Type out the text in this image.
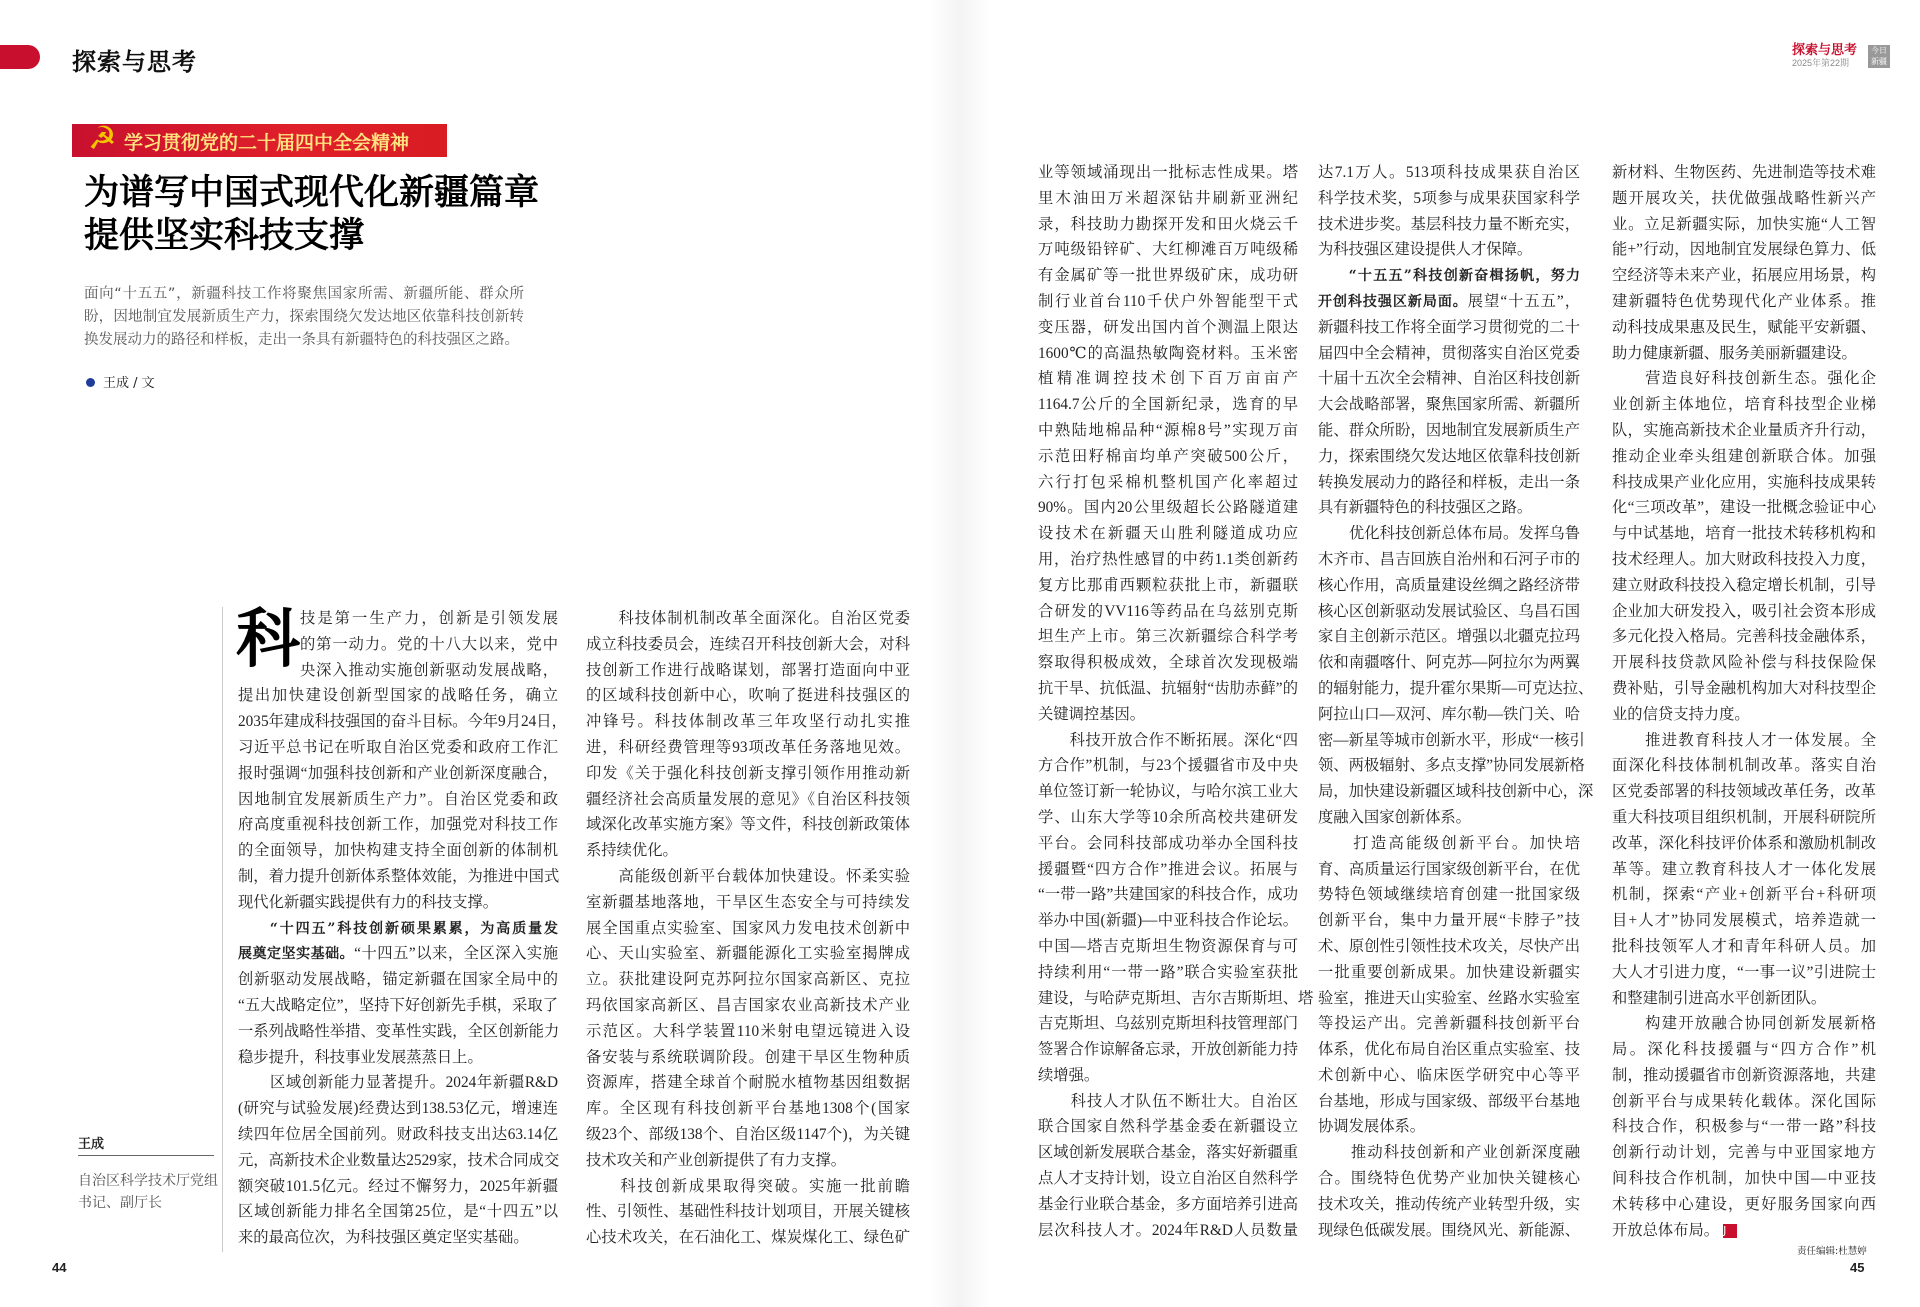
探索与思考	探索与思考
2025年第22期
今日新疆
☭ 学习贯彻党的二十届四中全会精神
为谱写中国式现代化新疆篇章
提供坚实科技支撑
面向“十五五”，新疆科技工作将聚焦国家所需、新疆所能、群众所盼，因地制宜发展新质生产力，探索围绕欠发达地区依靠科技创新转换发展动力的路径和样板，走出一条具有新疆特色的科技强区之路。
王成 / 文
科 技是第一生产力，创新是引领发展
的第一动力。党的十八大以来，党中
央深入推动实施创新驱动发展战略，
提出加快建设创新型国家的战略任务，确立
2035年建成科技强国的奋斗目标。今年9月24日，
习近平总书记在听取自治区党委和政府工作汇
报时强调“加强科技创新和产业创新深度融合，
因地制宜发展新质生产力”。自治区党委和政
府高度重视科技创新工作，加强党对科技工作
的全面领导，加快构建支持全面创新的体制机
制，着力提升创新体系整体效能，为推进中国式
现代化新疆实践提供有力的科技支撑。
　　“十四五”科技创新硕果累累，为高质量发
展奠定坚实基础。“十四五”以来，全区深入实施
创新驱动发展战略，锚定新疆在国家全局中的
“五大战略定位”，坚持下好创新先手棋，采取了
一系列战略性举措、变革性实践，全区创新能力
稳步提升，科技事业发展蒸蒸日上。
　　区域创新能力显著提升。2024年新疆R&D
(研究与试验发展)经费达到138.53亿元，增速连
续四年位居全国前列。财政科技支出达63.14亿
元，高新技术企业数量达2529家，技术合同成交
额突破101.5亿元。经过不懈努力，2025年新疆
区域创新能力排名全国第25位，是“十四五”以
来的最高位次，为科技强区奠定坚实基础。
　　科技体制机制改革全面深化。自治区党委
成立科技委员会，连续召开科技创新大会，对科
技创新工作进行战略谋划，部署打造面向中亚
的区域科技创新中心，吹响了挺进科技强区的
冲锋号。科技体制改革三年攻坚行动扎实推
进，科研经费管理等93项改革任务落地见效。
印发《关于强化科技创新支撑引领作用推动新
疆经济社会高质量发展的意见》《自治区科技领
域深化改革实施方案》等文件，科技创新政策体
系持续优化。
　　高能级创新平台载体加快建设。怀柔实验
室新疆基地落地，干旱区生态安全与可持续发
展全国重点实验室、国家风力发电技术创新中
心、天山实验室、新疆能源化工实验室揭牌成
立。获批建设阿克苏阿拉尔国家高新区、克拉
玛依国家高新区、昌吉国家农业高新技术产业
示范区。大科学装置110米射电望远镜进入设
备安装与系统联调阶段。创建干旱区生物种质
资源库，搭建全球首个耐脱水植物基因组数据
库。全区现有科技创新平台基地1308个(国家
级23个、部级138个、自治区级1147个)，为关键
技术攻关和产业创新提供了有力支撑。
　　科技创新成果取得突破。实施一批前瞻
性、引领性、基础性科技计划项目，开展关键核
心技术攻关，在石油化工、煤炭煤化工、绿色矿
业等领域涌现出一批标志性成果。塔
里木油田万米超深钻井刷新亚洲纪
录，科技助力勘探开发和田火烧云千
万吨级铅锌矿、大红柳滩百万吨级稀
有金属矿等一批世界级矿床，成功研
制行业首台110千伏户外智能型干式
变压器，研发出国内首个测温上限达
1600℃的高温热敏陶瓷材料。玉米密
植精准调控技术创下百万亩亩产
1164.7公斤的全国新纪录，选育的早
中熟陆地棉品种“源棉8号”实现万亩
示范田籽棉亩均单产突破500公斤，
六行打包采棉机整机国产化率超过
90%。国内20公里级超长公路隧道建
设技术在新疆天山胜利隧道成功应
用，治疗热性感冒的中药1.1类创新药
复方比那甫西颗粒获批上市，新疆联
合研发的VV116等药品在乌兹别克斯
坦生产上市。第三次新疆综合科学考
察取得积极成效，全球首次发现极端
抗干旱、抗低温、抗辐射“齿肋赤藓”的
关键调控基因。
　　科技开放合作不断拓展。深化“四
方合作”机制，与23个援疆省市及中央
单位签订新一轮协议，与哈尔滨工业大
学、山东大学等10余所高校共建研发
平台。会同科技部成功举办全国科技
援疆暨“四方合作”推进会议。拓展与
“一带一路”共建国家的科技合作，成功
举办中国(新疆)—中亚科技合作论坛。
中国—塔吉克斯坦生物资源保育与可
持续利用“一带一路”联合实验室获批
建设，与哈萨克斯坦、吉尔吉斯斯坦、塔
吉克斯坦、乌兹别克斯坦科技管理部门
签署合作谅解备忘录，开放创新能力持
续增强。
　　科技人才队伍不断壮大。自治区
联合国家自然科学基金委在新疆设立
区域创新发展联合基金，落实好新疆重
点人才支持计划，设立自治区自然科学
基金行业联合基金，多方面培养引进高
层次科技人才。2024年R&D人员数量
达7.1万人。513项科技成果获自治区
科学技术奖，5项参与成果获国家科学
技术进步奖。基层科技力量不断充实，
为科技强区建设提供人才保障。
　　“十五五”科技创新奋楫扬帆，努力
开创科技强区新局面。展望“十五五”，
新疆科技工作将全面学习贯彻党的二十
届四中全会精神，贯彻落实自治区党委
十届十五次全会精神、自治区科技创新
大会战略部署，聚焦国家所需、新疆所
能、群众所盼，因地制宜发展新质生产
力，探索围绕欠发达地区依靠科技创新
转换发展动力的路径和样板，走出一条
具有新疆特色的科技强区之路。
　　优化科技创新总体布局。发挥乌鲁
木齐市、昌吉回族自治州和石河子市的
核心作用，高质量建设丝绸之路经济带
核心区创新驱动发展试验区、乌昌石国
家自主创新示范区。增强以北疆克拉玛
依和南疆喀什、阿克苏—阿拉尔为两翼
的辐射能力，提升霍尔果斯—可克达拉、
阿拉山口—双河、库尔勒—铁门关、哈
密—新星等城市创新水平，形成“一核引
领、两极辐射、多点支撑”协同发展新格
局，加快建设新疆区域科技创新中心，深
度融入国家创新体系。
　　打造高能级创新平台。加快培
育、高质量运行国家级创新平台，在优
势特色领域继续培育创建一批国家级
创新平台，集中力量开展“卡脖子”技
术、原创性引领性技术攻关，尽快产出
一批重要创新成果。加快建设新疆实
验室，推进天山实验室、丝路水实验室
等投运产出。完善新疆科技创新平台
体系，优化布局自治区重点实验室、技
术创新中心、临床医学研究中心等平
台基地，形成与国家级、部级平台基地
协调发展体系。
　　推动科技创新和产业创新深度融
合。围绕特色优势产业加快关键核心
技术攻关，推动传统产业转型升级，实
现绿色低碳发展。围绕风光、新能源、
新材料、生物医药、先进制造等技术难
题开展攻关，扶优做强战略性新兴产
业。立足新疆实际，加快实施“人工智
能+”行动，因地制宜发展绿色算力、低
空经济等未来产业，拓展应用场景，构
建新疆特色优势现代化产业体系。推
动科技成果惠及民生，赋能平安新疆、
助力健康新疆、服务美丽新疆建设。
　　营造良好科技创新生态。强化企
业创新主体地位，培育科技型企业梯
队，实施高新技术企业量质齐升行动，
推动企业牵头组建创新联合体。加强
科技成果产业化应用，实施科技成果转
化“三项改革”，建设一批概念验证中心
与中试基地，培育一批技术转移机构和
技术经理人。加大财政科技投入力度，
建立财政科技投入稳定增长机制，引导
企业加大研发投入，吸引社会资本形成
多元化投入格局。完善科技金融体系，
开展科技贷款风险补偿与科技保险保
费补贴，引导金融机构加大对科技型企
业的信贷支持力度。
　　推进教育科技人才一体发展。全
面深化科技体制机制改革。落实自治
区党委部署的科技领域改革任务，改革
重大科技项目组织机制，开展科研院所
改革，深化科技评价体系和激励机制改
革等。建立教育科技人才一体化发展
机制，探索“产业+创新平台+科研项
目+人才”协同发展模式，培养造就一
批科技领军人才和青年科研人员。加
大人才引进力度，“一事一议”引进院士
和整建制引进高水平创新团队。
　　构建开放融合协同创新发展新格
局。深化科技援疆与“四方合作”机
制，推动援疆省市创新资源落地，共建
创新平台与成果转化载体。深化国际
科技合作，积极参与“一带一路”科技
创新行动计划，完善与中亚国家地方
间科技合作机制，加快中国—中亚技
术转移中心建设，更好服务国家向西
开放总体布局。 J
王成
自治区科学技术厅党组书记、副厅长
44
责任编辑:杜慧婷
45
